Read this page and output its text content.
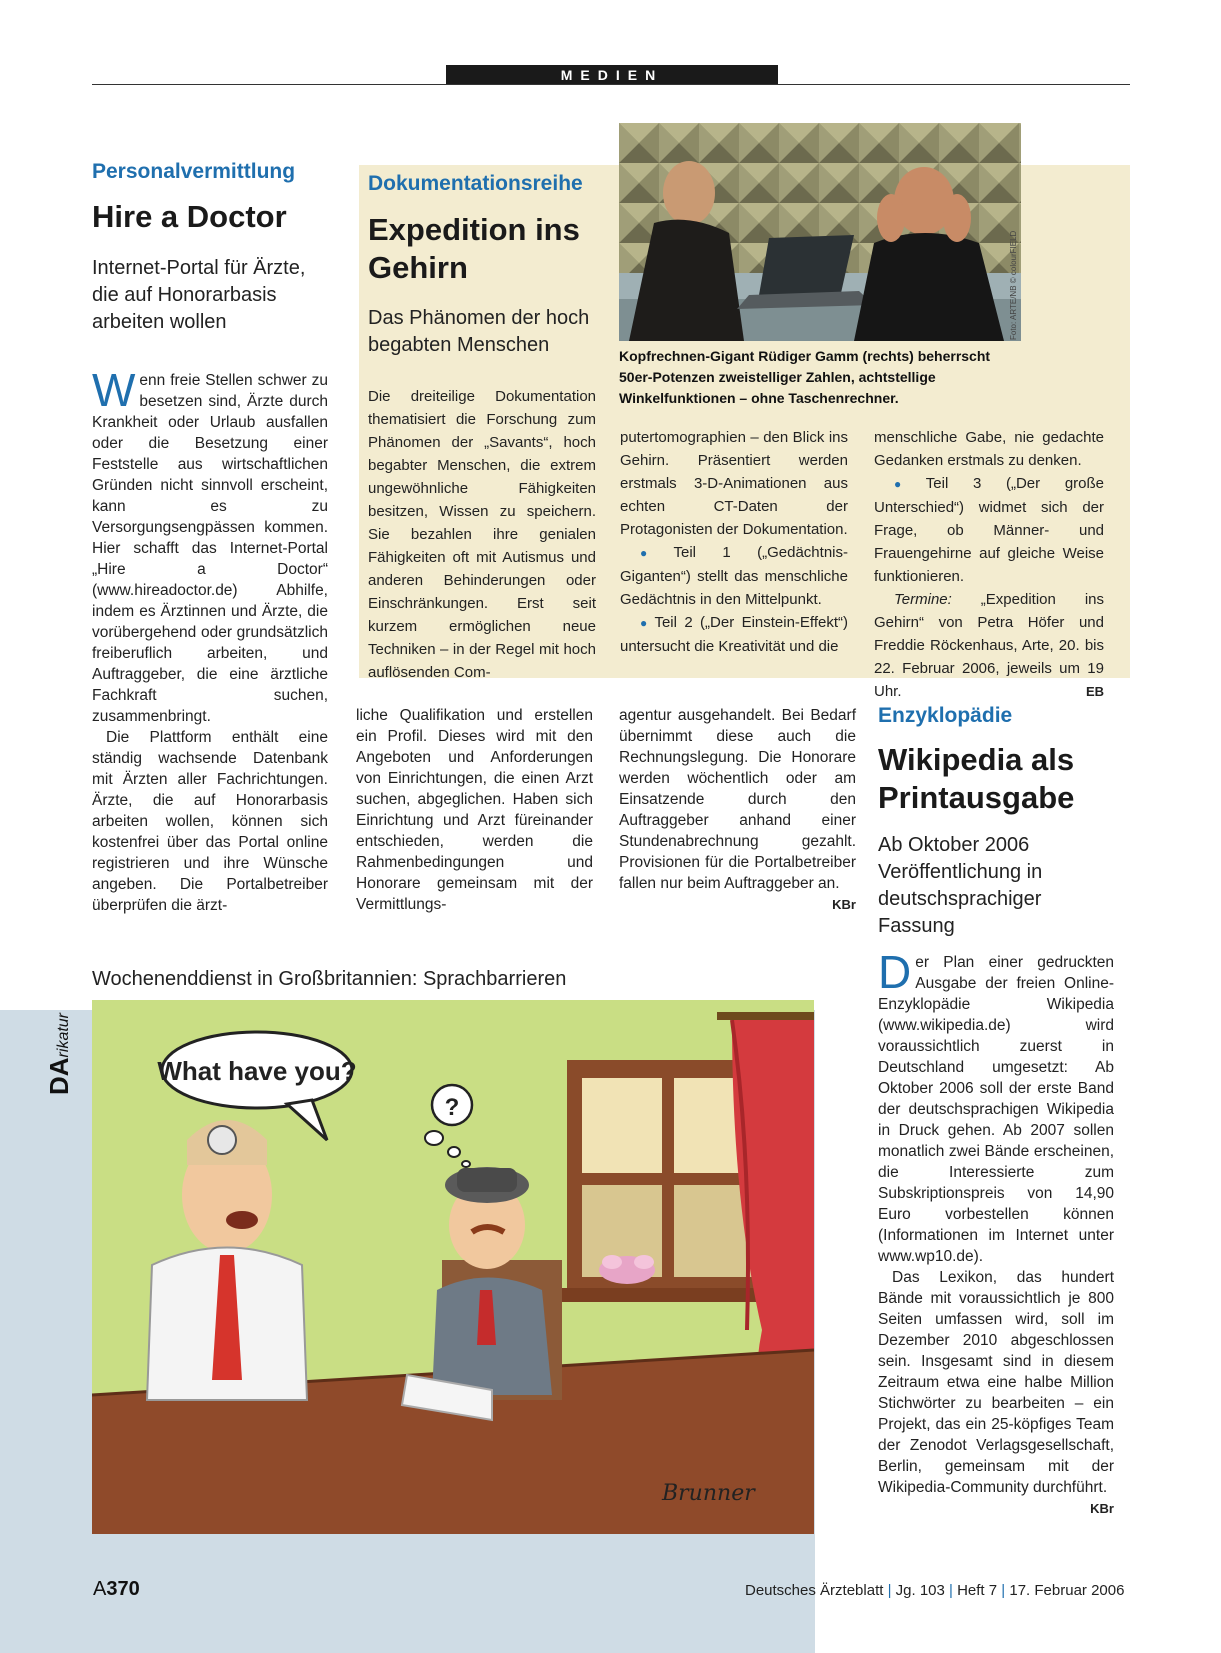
MEDIEN
Personalvermittlung
Hire a Doctor
Internet-Portal für Ärzte, die auf Honorarbasis arbeiten wollen

Wenn freie Stellen schwer zu besetzen sind, Ärzte durch Krankheit oder Urlaub ausfallen oder die Besetzung einer Feststelle aus wirtschaftlichen Gründen nicht sinnvoll erscheint, kann es zu Versorgungsengpässen kommen. Hier schafft das Internet-Portal „Hire a Doctor“ (www.hireadoctor.de) Abhilfe, indem es Ärztinnen und Ärzte, die vorübergehend oder grundsätzlich freiberuflich arbeiten, und Auftraggeber, die eine ärztliche Fachkraft suchen, zusammenbringt.

Die Plattform enthält eine ständig wachsende Datenbank mit Ärzten aller Fachrichtungen. Ärzte, die auf Honorarbasis arbeiten wollen, können sich kostenfrei über das Portal online registrieren und ihre Wünsche angeben. Die Portalbetreiber überprüfen die ärzt-

liche Qualifikation und erstellen ein Profil. Dieses wird mit den Angeboten und Anforderungen von Einrichtungen, die einen Arzt suchen, abgeglichen. Haben sich Einrichtung und Arzt füreinander entschieden, werden die Rahmenbedingungen und Honorare gemeinsam mit der Vermittlungs-
agentur ausgehandelt. Bei Bedarf übernimmt diese auch die Rechnungslegung. Die Honorare werden wöchentlich oder am Einsatzende durch den Auftraggeber anhand einer Stundenabrechnung gezahlt. Provisionen für die Portalbetreiber fallen nur beim Auftraggeber an.
KBr
Dokumentationsreihe
Expedition ins Gehirn
Das Phänomen der hoch begabten Menschen
Die dreiteilige Dokumentation thematisiert die Forschung zum Phänomen der „Savants“, hoch begabter Menschen, die extrem ungewöhnliche Fähigkeiten besitzen, Wissen zu speichern. Sie bezahlen ihre genialen Fähigkeiten oft mit Autismus und anderen Behinderungen oder Einschränkungen. Erst seit kurzem ermöglichen neue Techniken – in der Regel mit hoch auflösenden Com-
Foto: ARTE/NB © colourFIELD
Kopfrechnen-Gigant Rüdiger Gamm (rechts) beherrscht 50er-Potenzen zweistelliger Zahlen, achtstellige Winkelfunktionen – ohne Taschenrechner.

putertomographien – den Blick ins Gehirn. Präsentiert werden erstmals 3-D-Animationen aus echten CT-Daten der Protagonisten der Dokumentation.

● Teil 1 („Gedächtnis-Giganten“) stellt das menschliche Gedächtnis in den Mittelpunkt.

● Teil 2 („Der Einstein-Effekt“) untersucht die Kreativität und die

menschliche Gabe, nie gedachte Gedanken erstmals zu denken.

● Teil 3 („Der große Unterschied“) widmet sich der Frage, ob Männer- und Frauengehirne auf gleiche Weise funktionieren.

Termine: „Expedition ins Gehirn“ von Petra Höfer und Freddie Röckenhaus, Arte, 20. bis 22. Februar 2006, jeweils um 19 Uhr.	EB

Enzyklopädie
Wikipedia als Printausgabe
Ab Oktober 2006 Veröffentlichung in deutschsprachiger Fassung

Der Plan einer gedruckten Ausgabe der freien Online-Enzyklopädie Wikipedia (www.wikipedia.de) wird voraussichtlich zuerst in Deutschland umgesetzt: Ab Oktober 2006 soll der erste Band der deutschsprachigen Wikipedia in Druck gehen. Ab 2007 sollen monatlich zwei Bände erscheinen, die Interessierte zum Subskriptionspreis von 14,90 Euro vorbestellen können (Informationen im Internet unter www.wp10.de).

Das Lexikon, das hundert Bände mit voraussichtlich je 800 Seiten umfassen wird, soll im Dezember 2010 abgeschlossen sein. Insgesamt sind in diesem Zeitraum etwa eine halbe Million Stichwörter zu bearbeiten – ein Projekt, das ein 25-köpfiges Team der Zenodot Verlagsgesellschaft, Berlin, gemeinsam mit der Wikipedia-Community durchführt.
KBr

Wochenenddienst in Großbritannien: Sprachbarrieren
DArikatur
What have you?
?
Brunner
A370	Deutsches Ärzteblatt | Jg. 103 | Heft 7 | 17. Februar 2006
